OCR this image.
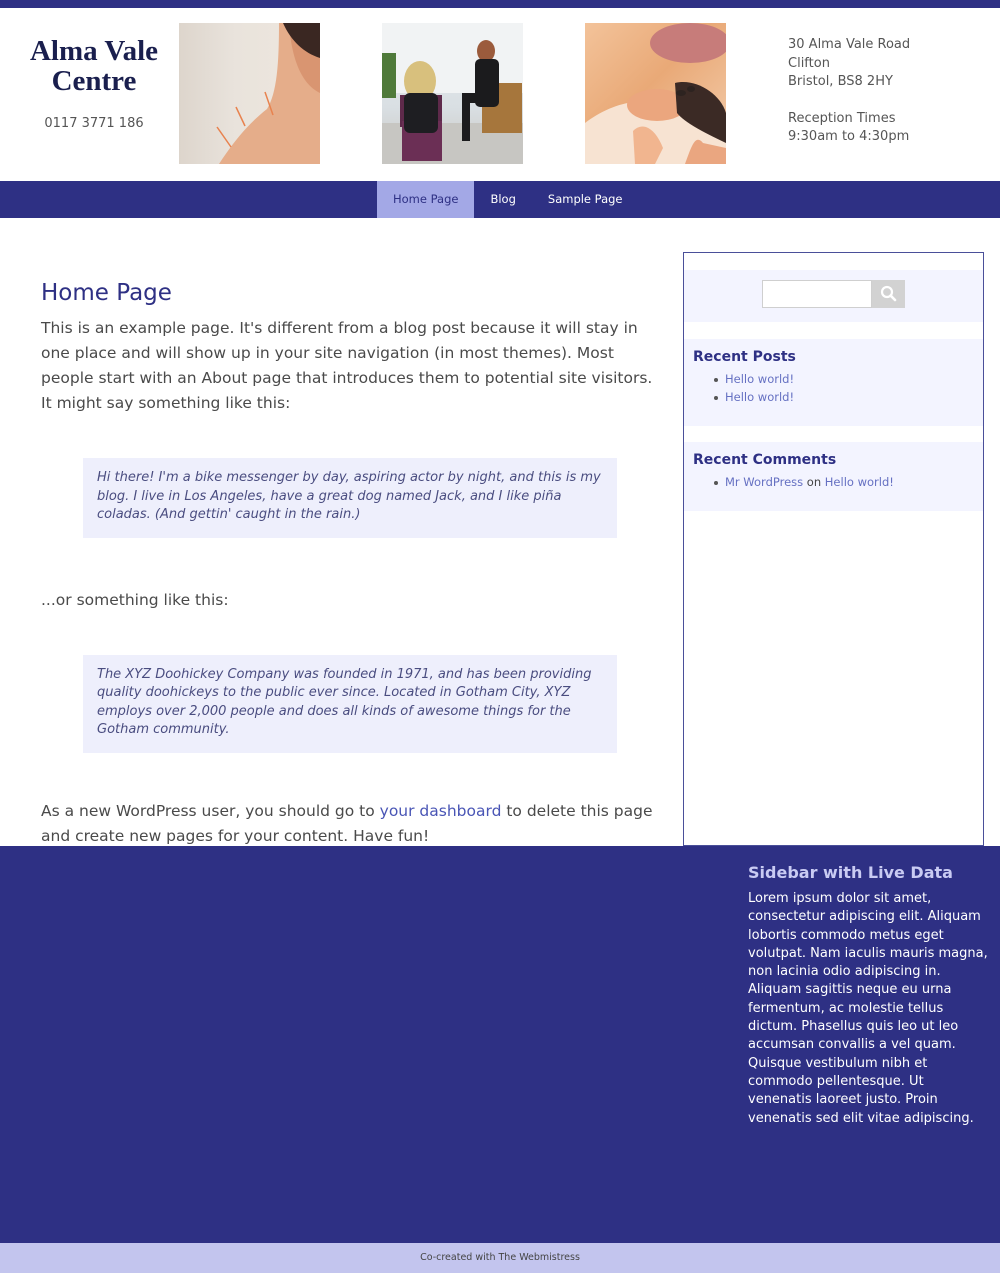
Alma Vale Centre
0117 3771 186
30 Alma Vale Road
Clifton
Bristol, BS8 2HY
Reception Times
9:30am to 4:30pm
Home Page	Blog	Sample Page
Home Page

This is an example page. It's different from a blog post because it will stay in one place and will show up in your site navigation (in most themes). Most people start with an About page that introduces them to potential site visitors. It might say something like this:

Hi there! I'm a bike messenger by day, aspiring actor by night, and this is my blog. I live in Los Angeles, have a great dog named Jack, and I like piña coladas. (And gettin' caught in the rain.)

...or something like this:

The XYZ Doohickey Company was founded in 1971, and has been providing quality doohickeys to the public ever since. Located in Gotham City, XYZ employs over 2,000 people and does all kinds of awesome things for the Gotham community.

As a new WordPress user, you should go to your dashboard to delete this page and create new pages for your content. Have fun!

Recent Posts
Hello world!
Hello world!
Recent Comments
Mr WordPress on Hello world!
Sidebar with Live Data
Lorem ipsum dolor sit amet, consectetur adipiscing elit. Aliquam lobortis commodo metus eget volutpat. Nam iaculis mauris magna, non lacinia odio adipiscing in. Aliquam sagittis neque eu urna fermentum, ac molestie tellus dictum. Phasellus quis leo ut leo accumsan convallis a vel quam. Quisque vestibulum nibh et commodo pellentesque. Ut venenatis laoreet justo. Proin venenatis sed elit vitae adipiscing.
Co-created with The Webmistress
